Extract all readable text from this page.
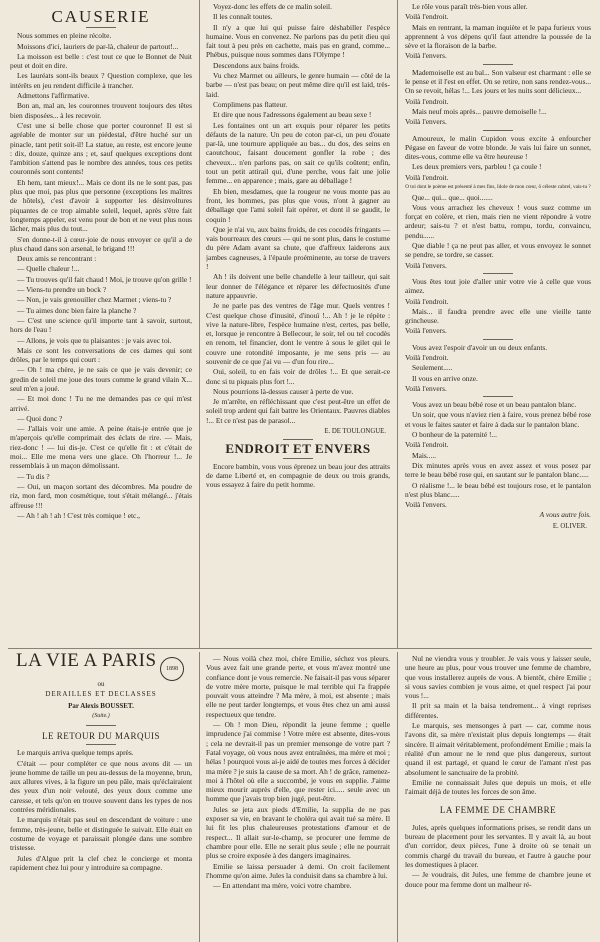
CAUSERIE

Nous sommes en pleine récolte.

Moissons d'ici, lauriers de par-là, chaleur de partout!...

La moisson est belle : c'est tout ce que le Bonnet de Nuit peut et doit en dire.

Les lauréats sont-ils beaux ? Question complexe, que les intérêts en jeu rendent difficile à trancher.

Admettons l'affirmative.

Bon an, mal an, les couronnes trouvent toujours des têtes bien disposées... à les recevoir.

C'est une si belle chose que porter couronne! Il est si agréable de monter sur un piédestal, d'être huché sur un pinacle, tant petit soit-il! La statue, au reste, est encore jeune : dix, douze, quinze ans ; et, sauf quelques exceptions dont l'ambition s'attend pas le nombre des années, tous ces petits couronnés sont contents!

Eh hem, tant mieux!... Mais ce dont ils ne le sont pas, pas plus que moi, pas plus que personne (exceptions les maîtres de hôtels), c'est d'avoir à supporter les désinvoltures piquantes de ce trop aimable soleil, lequel, après s'être fait longtemps appeler, est venu pour de bon et ne veut plus nous lâcher, mais plus du tout...

S'en donne-t-il à cœur-joie de nous envoyer ce qu'il a de plus chaud dans son arsenal, le brigand !!!

Deux amis se rencontrant :

— Quelle chaleur !...

— Tu trouves qu'il fait chaud ! Moi, je trouve qu'on grille !

— Viens-tu prendre un bock ?

— Non, je vais grenouiller chez Marmet ; viens-tu ?

— Tu aimes donc bien faire la planche ?

— C'est une science qu'il importe tant à savoir, surtout, hors de l'eau !

— Allons, je vois que tu plaisantes : je vais avec toi.

Mais ce sont les conversations de ces dames qui sont drôles, par le temps qui court :

— Oh ! ma chère, je ne sais ce que je vais devenir; ce gredin de soleil me joue des tours comme le grand vilain X... seul m'en a joué.

— Et moi donc ! Tu ne me demandes pas ce qui m'est arrivé.

— Quoi donc ?

— J'allais voir une amie. A peine étais-je entrée que je m'aperçois qu'elle comprimait des éclats de rire. — Mais, riez-donc ! — lui dis-je. C'est ce qu'elle fit : et c'était de moi... Elle me mena vers une glace. Oh l'horreur !... Je ressemblais à un maçon démolissant.

— Tu dis ?

— Oui, un maçon sortant des décombres. Ma poudre de riz, mon fard, mon cosmétique, tout s'était mélangé... j'étais affreuse !!!

— Ah ! ah ! ah ! C'est très comique ! etc.,

Voyez-donc les effets de ce malin soleil.

Il les connaît toutes.

Il n'y a que lui qui puisse faire déshabiller l'espèce humaine. Vous en convenez. Ne parlons pas du petit dieu qui fait tout à peu près en cachette, mais pas en grand, comme... Phébus, puisque nous sommes dans l'Olympe !

Descendons aux bains froids.

Vu chez Marmet ou ailleurs, le genre humain — côté de la barbe — n'est pas beau; on peut même dire qu'il est laid, très-laid.

Complimens pas flatteur.

Et dire que nous l'adressons également au beau sexe !

Les fontaines ont un art exquis pour réparer les petits défauts de la nature. Un peu de coton par-ci, un peu d'ouate par-là, une tournure appliquée au bas... du dos, des seins en caoutchouc, faisant doucement gonfler la robe ; des cheveux... n'en parlons pas, on sait ce qu'ils coûtent; enfin, tout un petit attirail qui, d'une perche, vous fait une jolie femme... en apparence ; mais, gare au déballage !

Eh bien, mesdames, que la rougeur ne vous monte pas au front, les hommes, pas plus que vous, n'ont à gagner au déballage que l'ami soleil fait opérer, et dont il se gaudit, le coquin !

Que je n'ai vu, aux bains froids, de ces cocodès fringants — vais bourreaux des cœurs — qui ne sont plus, dans le costume du père Adam avant sa chute, que d'affreux laiderons aux jambes cagneuses, à l'épaule proéminente, au torse de travers !

Ah ! ils doivent une belle chandelle à leur tailleur, qui sait leur donner de l'élégance et réparer les défectuosités d'une nature appauvrie.

Je ne parle pas des ventres de l'âge mur. Quels ventres ! C'est quelque chose d'inusité, d'inouï !... Ah ! je le répète : vive la nature-libre, l'espèce humaine n'est, certes, pas belle, et, lorsque je rencontre à Bellecour, le soir, tel ou tel cocodès en renom, tel financier, dont le ventre à sous le gilet qui le couvre une rotondité imposante, je me sens pris — au souvenir de ce que j'ai vu — d'un fou rire...

Oui, soleil, tu en fais voir de drôles !... Et que serait-ce donc si tu piquais plus fort !...

Nous pourrions là-dessus causer à perte de vue.

Je m'arrête, en réfléchissant que c'est peut-être un effet de soleil trop ardent qui fait battre les Orientaux. Pauvres diables !... Et ce n'est pas de parasol...

E. DE TOULONGUE.
ENDROIT ET ENVERS

Encore bambin, vous vous éprenez un beau jour des attraits de dame Liberté et, en compagnie de deux ou trois grands, vous essayez à faire du petit homme.

Le rôle vous paraît très-bien vous aller.

Voilà l'endroit.

Mais en rentrant, la maman inquiète et le papa furieux vous apprennent à vos dépens qu'il faut attendre la poussée de la sève et la floraison de la barbe.

Voilà l'envers.

Mademoiselle est au bal... Son valseur est charmant : elle se le pense et il l'est en effet. On se retire, non sans rendez-vous... On se revoit, hélas !... Les jours et les nuits sont délicieux...

Voilà l'endroit.

Mais neuf mois après... pauvre demoiselle !...

Voilà l'envers.

Amoureux, le malin Cupidon vous excite à enfourcher Pégase en faveur de votre blonde. Je vais lui faire un sonnet, dites-vous, comme elle va être heureuse !

Les deux premiers vers, parbleu ! ça coule !

Voilà l'endroit.

O toi dont le poème est présenté à mes fins, Idole de mon cœur, ô céleste cabrel, vais-tu ?

Que... qui... que... quoi.......

Vous vous arrachez les cheveux ! vous suez comme un forçat en colère, et rien, mais rien ne vient répondre à votre ardeur; sais-tu ? et n'est battu, rompu, tordu, convaincu, pendu......

Que diable ! ça ne peut pas aller, et vous envoyez le sonnet se pendre, se tordre, se casser.

Voilà l'envers.

Vous êtes tout joie d'aller unir votre vie à celle que vous aimez.

Voilà l'endroit.

Mais... il faudra prendre avec elle une vieille tante grincheuse.

Voilà l'envers.

Vous avez l'espoir d'avoir un ou deux enfants.

Voilà l'endroit.

Seulement.....

Il vous en arrive onze.

Voilà l'envers.

Vous avez un beau bébé rose et un beau pantalon blanc.

Un soir, que vous n'aviez rien à faire, vous prenez bébé rose et vous le faites sauter et faire à dada sur le pantalon blanc.

O bonheur de la paternité !...

Voilà l'endroit.

Mais.....

Dix minutes après vous en avez assez et vous posez par terre le beau bébé rose qui, en sautant sur le pantalon blanc.....

O réalisme !... le beau bébé est toujours rose, et le pantalon n'est plus blanc.....

Voilà l'envers.

A vous autre fois.
E. OLIVER.
LA VIE A PARIS	1898
ou
DERAILLES ET DECLASSES
Par Alexis BOUSSET.
(Suite.)
LE RETOUR DU MARQUIS

Le marquis arriva quelque temps après.

C'était — pour compléter ce que nous avons dit — un jeune homme de taille un peu au-dessus de la moyenne, brun, aux allures vives, à la figure un peu pâle, mais qu'éclairaient des yeux d'un noir velouté, des yeux doux comme une caresse, et tels qu'on en trouve souvent dans les types de nos contrées méridionales.

Le marquis n'était pas seul en descendant de voiture : une femme, très-jeune, belle et distinguée le suivait. Elle était en costume de voyage et paraissait plongée dans une sombre tristesse.

Jules d'Algue prit la clef chez le concierge et monta rapidement chez lui pour y introduire sa compagne.

— Nous voilà chez moi, chère Emilie, séchez vos pleurs. Vous avez fait une grande perte, et vous m'avez montré une confiance dont je vous remercie. Ne faisait-il pas vous séparer de votre mère morte, puisque le mal terrible qui l'a frappée pouvait vous atteindre ? Ma mère, à moi, est absente ; mais elle ne peut tarder longtemps, et vous êtes chez un ami aussi respectueux que tendre.

— Oh ! mon Dieu, répondit la jeune femme ; quelle imprudence j'ai commise ! Votre mère est absente, dites-vous ; cela ne devrait-il pas un premier mensonge de votre part ? Fatal voyage, où vous nous avez entraînées, ma mère et moi ; hélas ! pourquoi vous ai-je aidé de toutes mes forces à décider ma mère ? je suis la cause de sa mort. Ah ! de grâce, ramenez-moi à l'hôtel où elle a succombé, je vous en supplie. J'aime mieux mourir auprès d'elle, que rester ici..... seule avec un homme que j'avais trop bien jugé, peut-être.

Jules se jeta aux pieds d'Emilie, la supplia de ne pas exposer sa vie, en bravant le choléra qui avait tué sa mère. Il lui fit les plus chaleureuses protestations d'amour et de respect... Il allait sur-le-champ, se procurer une femme de chambre pour elle. Elle ne serait plus seule ; elle ne pourrait plus se croire exposée à des dangers imaginaires.

Emilie se laissa persuader à demi. On croit facilement l'homme qu'on aime. Jules la conduisit dans sa chambre à lui.

— En attendant ma mère, voici votre chambre.

Nul ne viendra vous y troubler. Je vais vous y laisser seule, une heure au plus, pour vous trouver une femme de chambre, que vous installerez auprès de vous. A bientôt, chère Emilie ; si vous savies combien je vous aime, et quel respect j'ai pour vous !...

Il prit sa main et la baisa tendrement... à vingt reprises différentes.

Le marquis, ses mensonges à part — car, comme nous l'avons dit, sa mère n'existait plus depuis longtemps — était sincère. Il aimait véritablement, profondément Emilie ; mais la réalité d'un amour ne le rend que plus dangereux, surtout quand il est partagé, et quand le cœur de l'amant n'est pas absolument le sanctuaire de la probité.

Emilie ne connaissait Jules que depuis un mois, et elle l'aimait déjà de toutes les forces de son âme.

LA FEMME DE CHAMBRE

Jules, après quelques informations prises, se rendit dans un bureau de placement pour les servantes. Il y avait là, au bout d'un corridor, deux pièces, l'une à droite où se tenait un commis chargé du travail du bureau, et l'autre à gauche pour les domestiques à placer.

— Je voudrais, dit Jules, une femme de chambre jeune et douce pour ma femme dont un malheur ré-
